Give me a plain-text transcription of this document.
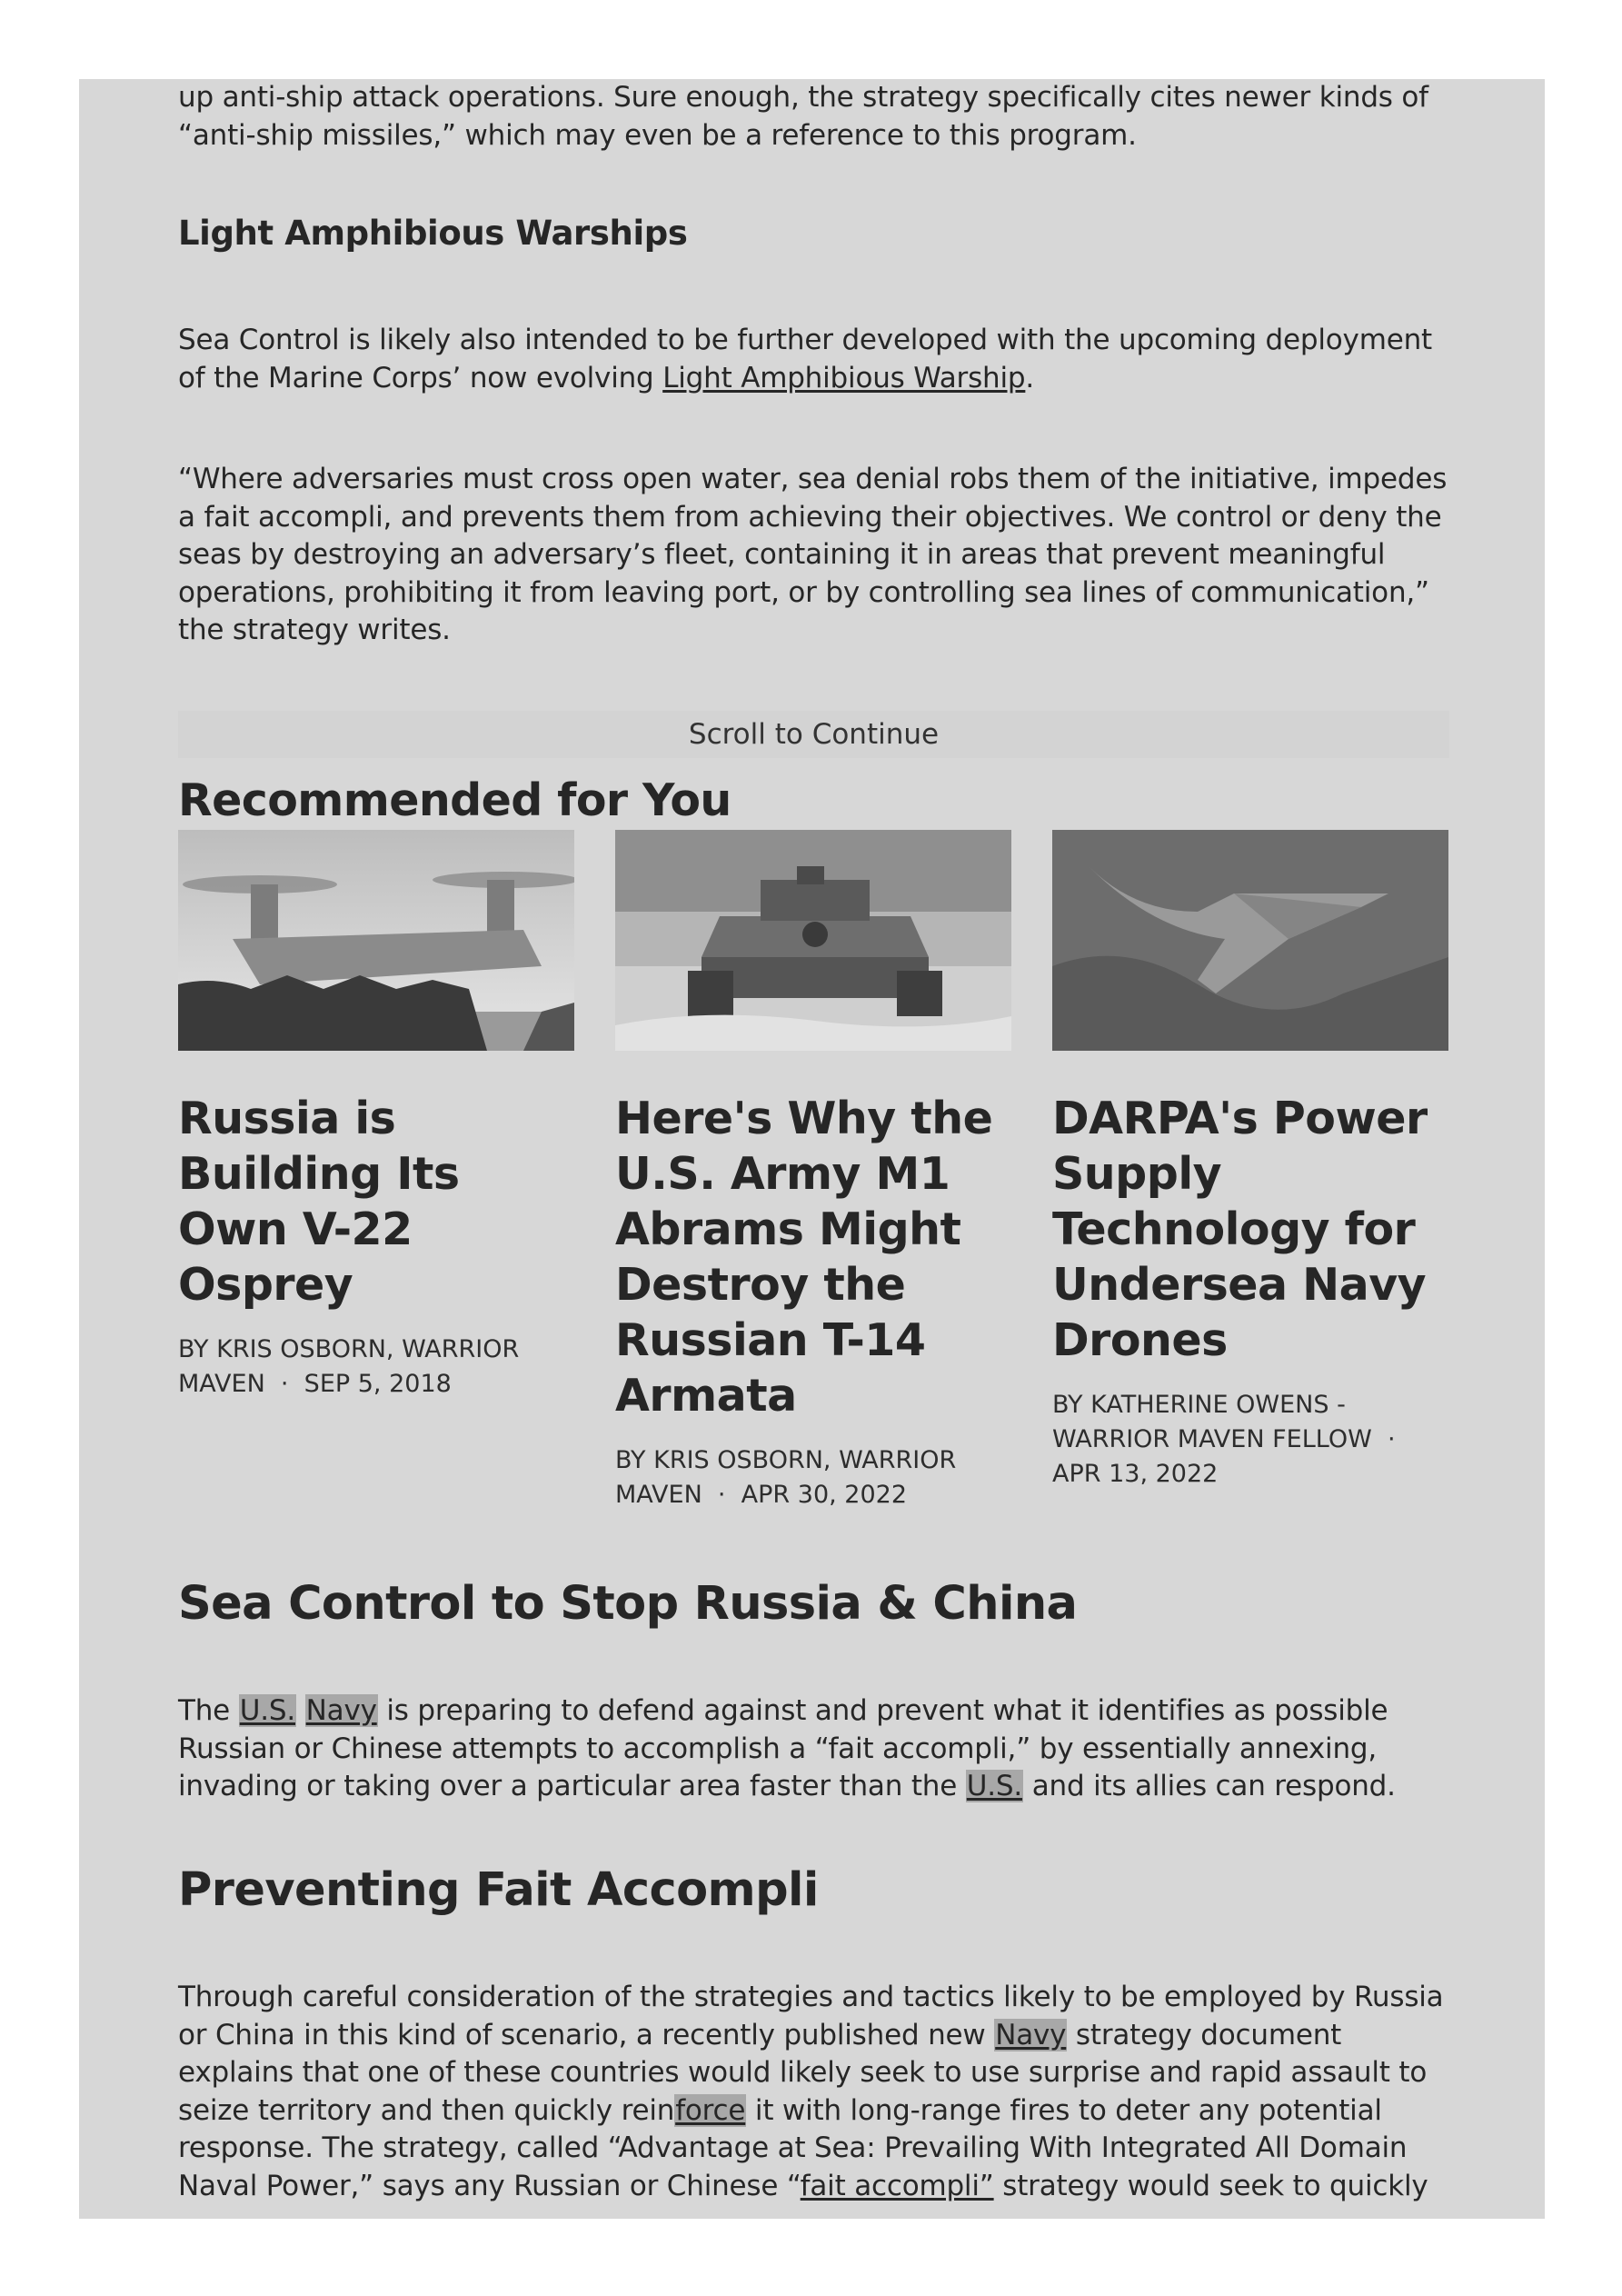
up anti-ship attack operations. Sure enough, the strategy specifically cites newer kinds of “anti-ship missiles,” which may even be a reference to this program.

Light Amphibious Warships

Sea Control is likely also intended to be further developed with the upcoming deployment of the Marine Corps’ now evolving Light Amphibious Warship.

“Where adversaries must cross open water, sea denial robs them of the initiative, impedes a fait accompli, and prevents them from achieving their objectives. We control or deny the seas by destroying an adversary’s fleet, containing it in areas that prevent meaningful operations, prohibiting it from leaving port, or by controlling sea lines of communication,” the strategy writes.

Scroll to Continue
Recommended for You
Russia is Building Its Own V-22 Osprey
BY KRIS OSBORN, WARRIOR MAVEN  ·  SEP 5, 2018
Here's Why the U.S. Army M1 Abrams Might Destroy the Russian T-14 Armata
BY KRIS OSBORN, WARRIOR MAVEN  ·  APR 30, 2022
DARPA's Power Supply Technology for Undersea Navy Drones
BY KATHERINE OWENS - WARRIOR MAVEN FELLOW  ·  APR 13, 2022
Sea Control to Stop Russia & China

The U.S. Navy is preparing to defend against and prevent what it identifies as possible Russian or Chinese attempts to accomplish a “fait accompli,” by essentially annexing, invading or taking over a particular area faster than the U.S. and its allies can respond.

Preventing Fait Accompli

Through careful consideration of the strategies and tactics likely to be employed by Russia or China in this kind of scenario, a recently published new Navy strategy document explains that one of these countries would likely seek to use surprise and rapid assault to seize territory and then quickly reinforce it with long-range fires to deter any potential response. The strategy, called “Advantage at Sea: Prevailing With Integrated All Domain Naval Power,” says any Russian or Chinese “fait accompli” strategy would seek to quickly
